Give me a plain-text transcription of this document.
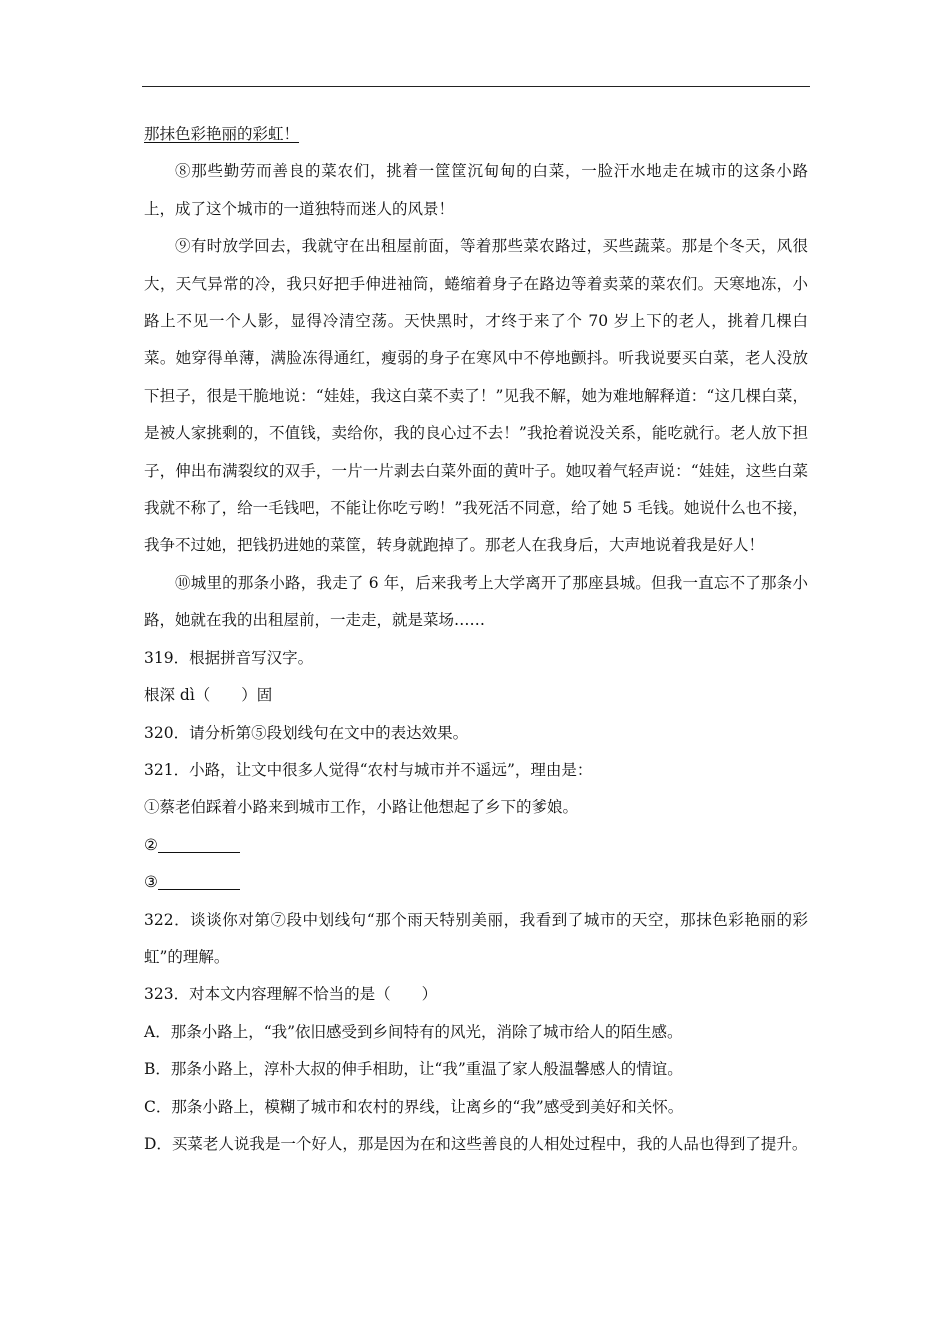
那抹色彩艳丽的彩虹！

⑧那些勤劳而善良的菜农们，挑着一筐筐沉甸甸的白菜，一脸汗水地走在城市的这条小路上，成了这个城市的一道独特而迷人的风景！

⑨有时放学回去，我就守在出租屋前面，等着那些菜农路过，买些蔬菜。那是个冬天，风很大，天气异常的冷，我只好把手伸进袖筒，蜷缩着身子在路边等着卖菜的菜农们。天寒地冻，小路上不见一个人影，显得冷清空荡。天快黑时，才终于来了个 70 岁上下的老人，挑着几棵白菜。她穿得单薄，满脸冻得通红，瘦弱的身子在寒风中不停地颤抖。听我说要买白菜，老人没放下担子，很是干脆地说：“娃娃，我这白菜不卖了！”见我不解，她为难地解释道：“这几棵白菜，是被人家挑剩的，不值钱，卖给你，我的良心过不去！”我抢着说没关系，能吃就行。老人放下担子，伸出布满裂纹的双手，一片一片剥去白菜外面的黄叶子。她叹着气轻声说：“娃娃，这些白菜我就不称了，给一毛钱吧，不能让你吃亏哟！”我死活不同意，给了她 5 毛钱。她说什么也不接，我争不过她，把钱扔进她的菜筐，转身就跑掉了。那老人在我身后，大声地说着我是好人！

⑩城里的那条小路，我走了 6 年，后来我考上大学离开了那座县城。但我一直忘不了那条小路，她就在我的出租屋前，一走走，就是菜场……

319．根据拼音写汉字。

根深 dì（　　）固

320．请分析第⑤段划线句在文中的表达效果。

321．小路，让文中很多人觉得“农村与城市并不遥远”，理由是：

①蔡老伯踩着小路来到城市工作，小路让他想起了乡下的爹娘。

②

③

322．谈谈你对第⑦段中划线句“那个雨天特别美丽，我看到了城市的天空，那抹色彩艳丽的彩虹”的理解。

323．对本文内容理解不恰当的是（　　）

A．那条小路上，“我”依旧感受到乡间特有的风光，消除了城市给人的陌生感。

B．那条小路上，淳朴大叔的伸手相助，让“我”重温了家人般温馨感人的情谊。

C．那条小路上，模糊了城市和农村的界线，让离乡的“我”感受到美好和关怀。

D．买菜老人说我是一个好人，那是因为在和这些善良的人相处过程中，我的人品也得到了提升。
